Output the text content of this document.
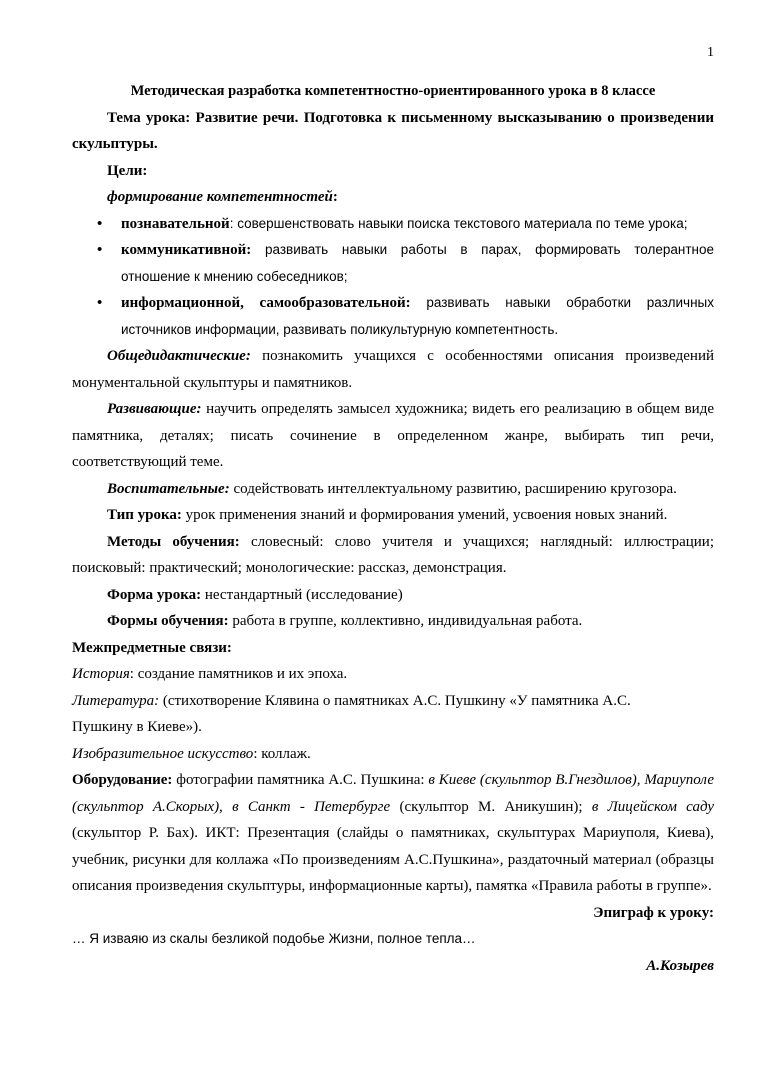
1

Методическая разработка компетентностно-ориентированного урока в 8 классе

Тема урока: Развитие речи. Подготовка к письменному высказыванию о произведении скульптуры.

Цели:

формирование компетентностей:

• познавательной: совершенствовать навыки поиска текстового материала по теме урока;
• коммуникативной: развивать навыки работы в парах, формировать толерантное отношение к мнению собеседников;
• информационной, самообразовательной: развивать навыки обработки различных источников информации, развивать поликультурную компетентность.

Общедидактические: познакомить учащихся с особенностями описания произведений монументальной скульптуры и памятников.

Развивающие: научить определять замысел художника; видеть его реализацию в общем виде памятника, деталях; писать сочинение в определенном жанре, выбирать тип речи, соответствующий теме.

Воспитательные: содействовать интеллектуальному развитию, расширению кругозора.

Тип урока: урок применения знаний и формирования умений, усвоения новых знаний.

Методы обучения: словесный: слово учителя и учащихся; наглядный: иллюстрации; поисковый: практический; монологические: рассказ, демонстрация.

Форма урока: нестандартный (исследование)

Формы обучения: работа в группе, коллективно, индивидуальная работа.

Межпредметные связи:

История: создание памятников и их эпоха.

Литература: (стихотворение Клявина о памятниках А.С. Пушкину «У памятника А.С.
Пушкину в Киеве»).

Изобразительное искусство: коллаж.

Оборудование: фотографии памятника А.С. Пушкина: в Киеве (скульптор В.Гнездилов), Мариуполе (скульптор А.Скорых), в Санкт - Петербурге (скульптор М. Аникушин); в Лицейском саду (скульптор Р. Бах). ИКТ: Презентация (слайды о памятниках, скульптурах Мариуполя, Киева), учебник, рисунки для коллажа «По произведениям А.С.Пушкина», раздаточный материал (образцы описания произведения скульптуры, информационные карты), памятка «Правила работы в группе».

Эпиграф к уроку:

… Я изваяю из скалы безликой подобье Жизни, полное тепла…

А.Козырев
